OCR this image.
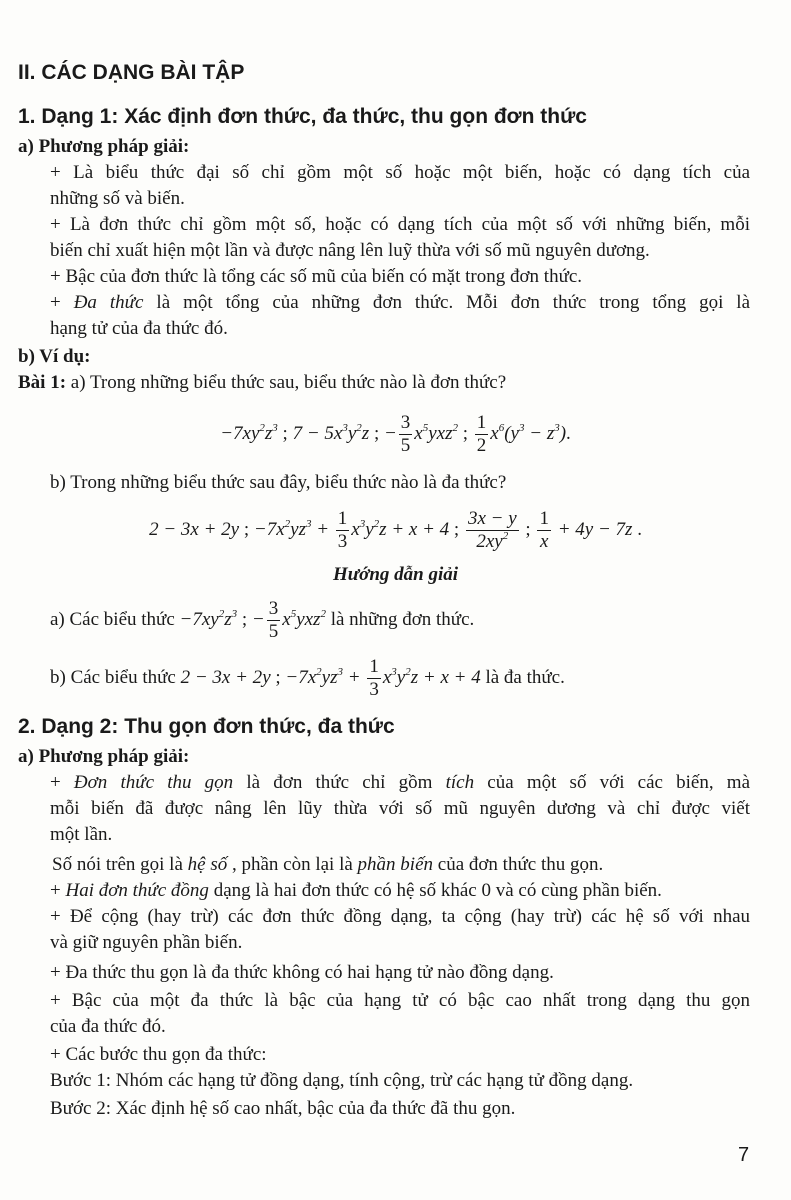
II. CÁC DẠNG BÀI TẬP
1. Dạng 1: Xác định đơn thức, đa thức, thu gọn đơn thức
a) Phương pháp giải:
+ Là biểu thức đại số chỉ gồm một số hoặc một biến, hoặc có dạng tích của
những số và biến.
+ Là đơn thức chỉ gồm một số, hoặc có dạng tích của một số với những biến, mỗi
biến chỉ xuất hiện một lần và được nâng lên luỹ thừa với số mũ nguyên dương.
+ Bậc của đơn thức là tổng các số mũ của biến có mặt trong đơn thức.
+ Đa thức là một tổng của những đơn thức. Mỗi đơn thức trong tổng gọi là
hạng tử của đa thức đó.
b) Ví dụ:
Bài 1: a) Trong những biểu thức sau, biểu thức nào là đơn thức?
$-7xy^2z^3$ ; $7 - 5x^3y^2z$ ; − $\frac{3}{5} x^5yxz^2$ ; $\frac{1}{2} x^6(y^3 - z^3)$.
b) Trong những biểu thức sau đây, biểu thức nào là đa thức?
2 − 3x + 2y ; $-7x^2yz^3 + \frac{1}{3} x^3y^2z + x + 4$ ; $\frac{3x - y}{2xy^2}$ ; $\frac{1}{x} + 4y - 7z$ .
Hướng dẫn giải
a) Các biểu thức $-7xy^2z^3$ ; − $\frac{3}{5} x^5yxz^2$ là những đơn thức.
b) Các biểu thức 2 − 3x + 2y ; $-7x^2yz^3 + \frac{1}{3} x^3y^2z + x + 4$ là đa thức.
2. Dạng 2: Thu gọn đơn thức, đa thức
a) Phương pháp giải:
+ Đơn thức thu gọn là đơn thức chỉ gồm tích của một số với các biến, mà
mỗi biến đã được nâng lên lũy thừa với số mũ nguyên dương và chỉ được viết
một lần.
Số nói trên gọi là hệ số , phần còn lại là phần biến của đơn thức thu gọn.
+ Hai đơn thức đồng dạng là hai đơn thức có hệ số khác 0 và có cùng phần biến.
+ Để cộng (hay trừ) các đơn thức đồng dạng, ta cộng (hay trừ) các hệ số với nhau
và giữ nguyên phần biến.
+ Đa thức thu gọn là đa thức không có hai hạng tử nào đồng dạng.
+ Bậc của một đa thức là bậc của hạng tử có bậc cao nhất trong dạng thu gọn
của đa thức đó.
+ Các bước thu gọn đa thức:
Bước 1: Nhóm các hạng tử đồng dạng, tính cộng, trừ các hạng tử đồng dạng.
Bước 2: Xác định hệ số cao nhất, bậc của đa thức đã thu gọn.
7
